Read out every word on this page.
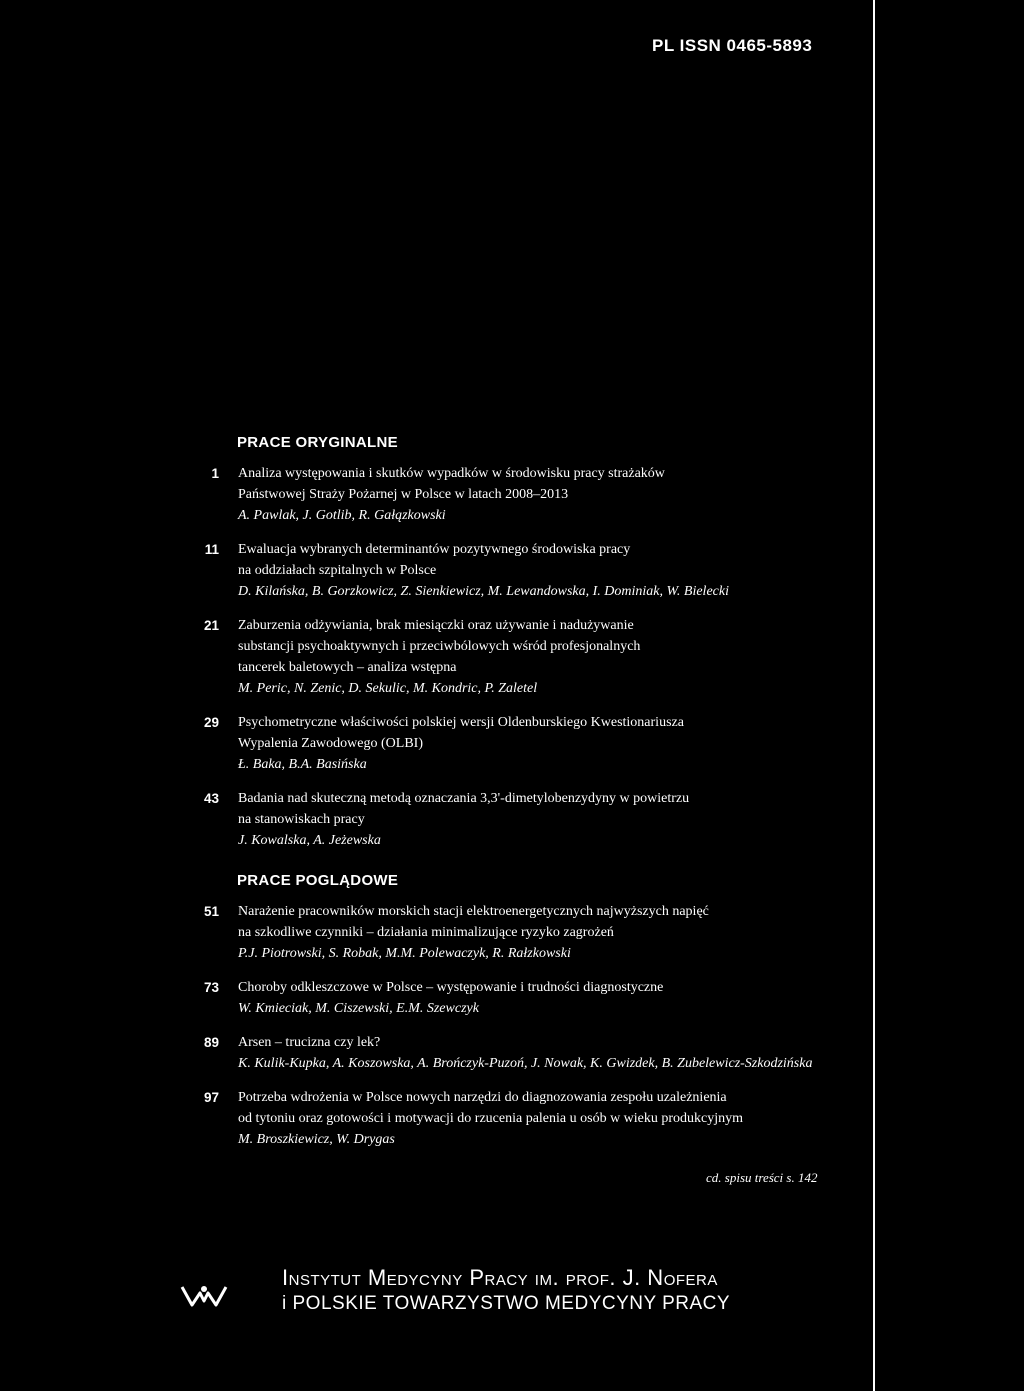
PL ISSN 0465-5893
PRACE ORYGINALNE
1 Analiza występowania i skutków wypadków w środowisku pracy strażaków
Państwowej Straży Pożarnej w Polsce w latach 2008–2013
A. Pawlak, J. Gotlib, R. Gałązkowski
11 Ewaluacja wybranych determinantów pozytywnego środowiska pracy
na oddziałach szpitalnych w Polsce
D. Kilańska, B. Gorzkowicz, Z. Sienkiewicz, M. Lewandowska, I. Dominiak, W. Bielecki
21 Zaburzenia odżywiania, brak miesiączki oraz używanie i nadużywanie
substancji psychoaktywnych i przeciwbólowych wśród profesjonalnych
tancerek baletowych – analiza wstępna
M. Peric, N. Zenic, D. Sekulic, M. Kondric, P. Zaletel
29 Psychometryczne właściwości polskiej wersji Oldenburskiego Kwestionariusza
Wypalenia Zawodowego (OLBI)
Ł. Baka, B.A. Basińska
43 Badania nad skuteczną metodą oznaczania 3,3'-dimetylobenzydyny w powietrzu
na stanowiskach pracy
J. Kowalska, A. Jeżewska
PRACE POGLĄDOWE
51 Narażenie pracowników morskich stacji elektroenergetycznych najwyższych napięć
na szkodliwe czynniki – działania minimalizujące ryzyko zagrożeń
P.J. Piotrowski, S. Robak, M.M. Polewaczyk, R. Rałzkowski
73 Choroby odkleszczowe w Polsce – występowanie i trudności diagnostyczne
W. Kmieciak, M. Ciszewski, E.M. Szewczyk
89 Arsen – trucizna czy lek?
K. Kulik-Kupka, A. Koszowska, A. Brończyk-Puzoń, J. Nowak, K. Gwizdek, B. Zubelewicz-Szkodzińska
97 Potrzeba wdrożenia w Polsce nowych narzędzi do diagnozowania zespołu uzależnienia
od tytoniu oraz gotowości i motywacji do rzucenia palenia u osób w wieku produkcyjnym
M. Broszkiewicz, W. Drygas
cd. spisu treści s. 142
Instytut Medycyny Pracy im. prof. J. Nofera
i POLSKIE TOWARZYSTWO MEDYCYNY PRACY
